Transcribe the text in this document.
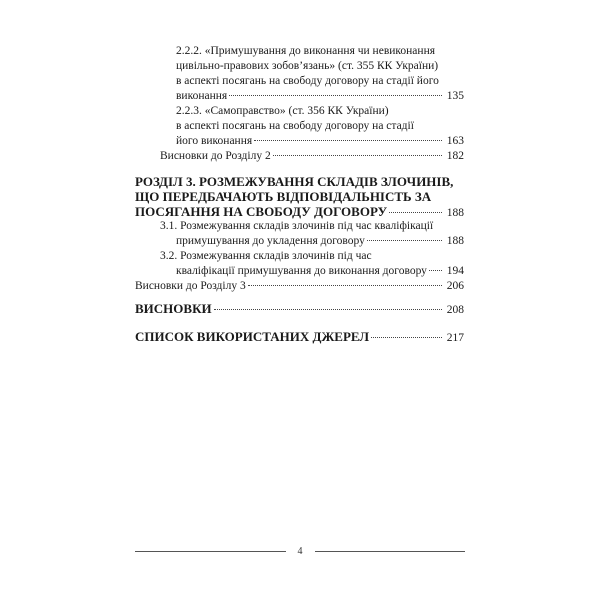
2.2.2. «Примушування до виконання чи невиконання
цивільно-правових зобов’язань» (ст. 355 КК України)
в аспекті посягань на свободу договору на стадії його
виконання	135
2.2.3. «Самоправство» (ст. 356 КК України)
в аспекті посягань на свободу договору на стадії
його виконання	163
Висновки до Розділу 2	182
РОЗДІЛ 3. РОЗМЕЖУВАННЯ СКЛАДІВ ЗЛОЧИНІВ,
ЩО ПЕРЕДБАЧАЮТЬ ВІДПОВІДАЛЬНІСТЬ ЗА
ПОСЯГАННЯ НА СВОБОДУ ДОГОВОРУ	188
3.1. Розмежування складів злочинів під час кваліфікації
примушування до укладення договору	188
3.2. Розмежування складів злочинів під час
кваліфікації примушування до виконання договору 194
Висновки до Розділу 3	206
ВИСНОВКИ	208
СПИСОК ВИКОРИСТАНИХ ДЖЕРЕЛ	217
4
